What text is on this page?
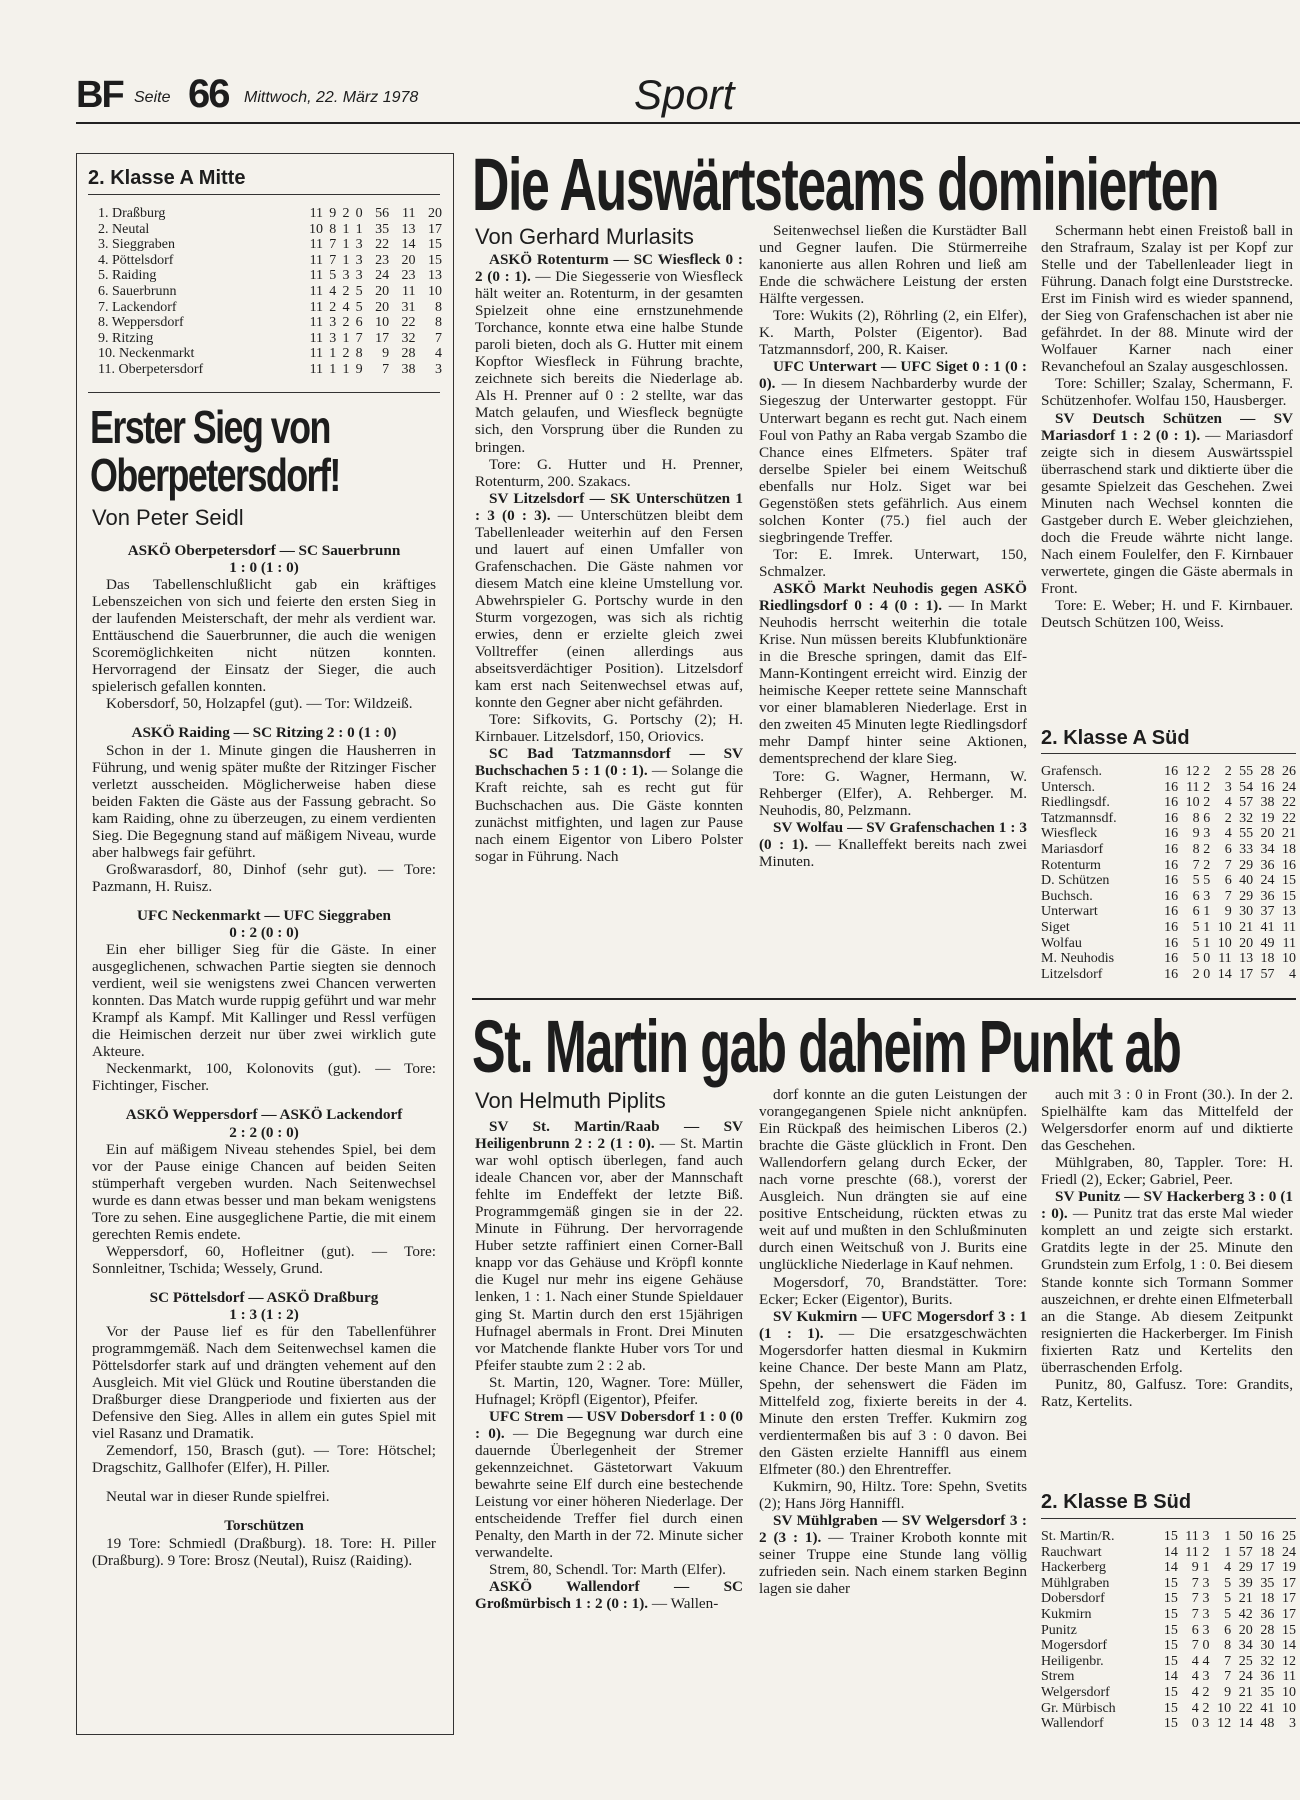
BF Seite 66 Mittwoch, 22. März 1978	Sport
2. Klasse A Mitte
1. Draßburg	11	9	2	0	56	11	20
2. Neutal	10	8	1	1	35	13	17
3. Sieggraben	11	7	1	3	22	14	15
4. Pöttelsdorf	11	7	1	3	23	20	15
5. Raiding	11	5	3	3	24	23	13
6. Sauerbrunn	11	4	2	5	20	11	10
7. Lackendorf	11	2	4	5	20	31	8
8. Weppersdorf	11	3	2	6	10	22	8
9. Ritzing	11	3	1	7	17	32	7
10. Neckenmarkt	11	1	2	8	9	28	4
11. Oberpetersdorf	11	1	1	9	7	38	3
Erster Sieg von
Oberpetersdorf!
Von Peter Seidl

ASKÖ Oberpetersdorf — SC Sauerbrunn

1 : 0 (1 : 0)

Das Tabellenschlußlicht gab ein kräftiges Lebenszeichen von sich und feierte den ersten Sieg in der laufenden Meisterschaft, der mehr als verdient war. Enttäuschend die Sauerbrunner, die auch die wenigen Scoremöglichkeiten nicht nützen konnten. Hervorragend der Einsatz der Sieger, die auch spielerisch gefallen konnten.

Kobersdorf, 50, Holzapfel (gut). — Tor: Wildzeiß.

ASKÖ Raiding — SC Ritzing 2 : 0 (1 : 0)

Schon in der 1. Minute gingen die Hausherren in Führung, und wenig später mußte der Ritzinger Fischer verletzt ausscheiden. Möglicherweise haben diese beiden Fakten die Gäste aus der Fassung gebracht. So kam Raiding, ohne zu überzeugen, zu einem verdienten Sieg. Die Begegnung stand auf mäßigem Niveau, wurde aber halbwegs fair geführt.

Großwarasdorf, 80, Dinhof (sehr gut). — Tore: Pazmann, H. Ruisz.

UFC Neckenmarkt — UFC Sieggraben

0 : 2 (0 : 0)

Ein eher billiger Sieg für die Gäste. In einer ausgeglichenen, schwachen Partie siegten sie dennoch verdient, weil sie wenigstens zwei Chancen verwerten konnten. Das Match wurde ruppig geführt und war mehr Krampf als Kampf. Mit Kallinger und Ressl verfügen die Heimischen derzeit nur über zwei wirklich gute Akteure.

Neckenmarkt, 100, Kolonovits (gut). — Tore: Fichtinger, Fischer.

ASKÖ Weppersdorf — ASKÖ Lackendorf

2 : 2 (0 : 0)

Ein auf mäßigem Niveau stehendes Spiel, bei dem vor der Pause einige Chancen auf beiden Seiten stümperhaft vergeben wurden. Nach Seitenwechsel wurde es dann etwas besser und man bekam wenigstens Tore zu sehen. Eine ausgeglichene Partie, die mit einem gerechten Remis endete.

Weppersdorf, 60, Hofleitner (gut). — Tore: Sonnleitner, Tschida; Wessely, Grund.

SC Pöttelsdorf — ASKÖ Draßburg

1 : 3 (1 : 2)

Vor der Pause lief es für den Tabellenführer programmgemäß. Nach dem Seitenwechsel kamen die Pöttelsdorfer stark auf und drängten vehement auf den Ausgleich. Mit viel Glück und Routine überstanden die Draßburger diese Drangperiode und fixierten aus der Defensive den Sieg. Alles in allem ein gutes Spiel mit viel Rasanz und Dramatik.

Zemendorf, 150, Brasch (gut). — Tore: Hötschel; Dragschitz, Gallhofer (Elfer), H. Piller.

Neutal war in dieser Runde spielfrei.

Torschützen

19 Tore: Schmiedl (Draßburg). 18. Tore: H. Piller (Draßburg). 9 Tore: Brosz (Neutal), Ruisz (Raiding).

Die Auswärtsteams dominierten
Von Gerhard Murlasits

ASKÖ Rotenturm — SC Wiesfleck 0 : 2 (0 : 1). — Die Siegesserie von Wiesfleck hält weiter an. Rotenturm, in der gesamten Spielzeit ohne eine ernstzunehmende Torchance, konnte etwa eine halbe Stunde paroli bieten, doch als G. Hutter mit einem Kopftor Wiesfleck in Führung brachte, zeichnete sich bereits die Niederlage ab. Als H. Prenner auf 0 : 2 stellte, war das Match gelaufen, und Wiesfleck begnügte sich, den Vorsprung über die Runden zu bringen.

Tore: G. Hutter und H. Prenner, Rotenturm, 200. Szakacs.

SV Litzelsdorf — SK Unterschützen 1 : 3 (0 : 3). — Unterschützen bleibt dem Tabellenleader weiterhin auf den Fersen und lauert auf einen Umfaller von Grafenschachen. Die Gäste nahmen vor diesem Match eine kleine Umstellung vor. Abwehrspieler G. Portschy wurde in den Sturm vorgezogen, was sich als richtig erwies, denn er erzielte gleich zwei Volltreffer (einen allerdings aus abseitsverdächtiger Position). Litzelsdorf kam erst nach Seitenwechsel etwas auf, konnte den Gegner aber nicht gefährden.

Tore: Sifkovits, G. Portschy (2); H. Kirnbauer. Litzelsdorf, 150, Oriovics.

SC Bad Tatzmannsdorf — SV Buchschachen 5 : 1 (0 : 1). — Solange die Kraft reichte, sah es recht gut für Buchschachen aus. Die Gäste konnten zunächst mitfighten, und lagen zur Pause nach einem Eigentor von Libero Polster sogar in Führung. Nach

Seitenwechsel ließen die Kurstädter Ball und Gegner laufen. Die Stürmerreihe kanonierte aus allen Rohren und ließ am Ende die schwächere Leistung der ersten Hälfte vergessen.

Tore: Wukits (2), Röhrling (2, ein Elfer), K. Marth, Polster (Eigentor). Bad Tatzmannsdorf, 200, R. Kaiser.

UFC Unterwart — UFC Siget 0 : 1 (0 : 0). — In diesem Nachbarderby wurde der Siegeszug der Unterwarter gestoppt. Für Unterwart begann es recht gut. Nach einem Foul von Pathy an Raba vergab Szambo die Chance eines Elfmeters. Später traf derselbe Spieler bei einem Weitschuß ebenfalls nur Holz. Siget war bei Gegenstößen stets gefährlich. Aus einem solchen Konter (75.) fiel auch der siegbringende Treffer.

Tor: E. Imrek. Unterwart, 150, Schmalzer.

ASKÖ Markt Neuhodis gegen ASKÖ Riedlingsdorf 0 : 4 (0 : 1). — In Markt Neuhodis herrscht weiterhin die totale Krise. Nun müssen bereits Klubfunktionäre in die Bresche springen, damit das Elf-Mann-Kontingent erreicht wird. Einzig der heimische Keeper rettete seine Mannschaft vor einer blamableren Niederlage. Erst in den zweiten 45 Minuten legte Riedlingsdorf mehr Dampf hinter seine Aktionen, dementsprechend der klare Sieg.

Tore: G. Wagner, Hermann, W. Rehberger (Elfer), A. Rehberger. M. Neuhodis, 80, Pelzmann.

SV Wolfau — SV Grafenschachen 1 : 3 (0 : 1). — Knalleffekt bereits nach zwei Minuten.

Schermann hebt einen Freistoß ball in den Strafraum, Szalay ist per Kopf zur Stelle und der Tabellenleader liegt in Führung. Danach folgt eine Durststrecke. Erst im Finish wird es wieder spannend, der Sieg von Grafenschachen ist aber nie gefährdet. In der 88. Minute wird der Wolfauer Karner nach einer Revanchefoul an Szalay ausgeschlossen.

Tore: Schiller; Szalay, Schermann, F. Schützenhofer. Wolfau 150, Hausberger.

SV Deutsch Schützen — SV Mariasdorf 1 : 2 (0 : 1). — Mariasdorf zeigte sich in diesem Auswärtsspiel überraschend stark und diktierte über die gesamte Spielzeit das Geschehen. Zwei Minuten nach Wechsel konnten die Gastgeber durch E. Weber gleichziehen, doch die Freude währte nicht lange. Nach einem Foulelfer, den F. Kirnbauer verwertete, gingen die Gäste abermals in Front.

Tore: E. Weber; H. und F. Kirnbauer. Deutsch Schützen 100, Weiss.

2. Klasse A Süd
Grafensch.	16	12	2	2	55	28	26
Untersch.	16	11	2	3	54	16	24
Riedlingsdf.	16	10	2	4	57	38	22
Tatzmannsdf.	16	8	6	2	32	19	22
Wiesfleck	16	9	3	4	55	20	21
Mariasdorf	16	8	2	6	33	34	18
Rotenturm	16	7	2	7	29	36	16
D. Schützen	16	5	5	6	40	24	15
Buchsch.	16	6	3	7	29	36	15
Unterwart	16	6	1	9	30	37	13
Siget	16	5	1	10	21	41	11
Wolfau	16	5	1	10	20	49	11
M. Neuhodis	16	5	0	11	13	18	10
Litzelsdorf	16	2	0	14	17	57	4
St. Martin gab daheim Punkt ab
Von Helmuth Piplits

SV St. Martin/Raab — SV Heiligenbrunn 2 : 2 (1 : 0). — St. Martin war wohl optisch überlegen, fand auch ideale Chancen vor, aber der Mannschaft fehlte im Endeffekt der letzte Biß. Programmgemäß gingen sie in der 22. Minute in Führung. Der hervorragende Huber setzte raffiniert einen Corner-Ball knapp vor das Gehäuse und Kröpfl konnte die Kugel nur mehr ins eigene Gehäuse lenken, 1 : 1. Nach einer Stunde Spieldauer ging St. Martin durch den erst 15jährigen Hufnagel abermals in Front. Drei Minuten vor Matchende flankte Huber vors Tor und Pfeifer staubte zum 2 : 2 ab.

St. Martin, 120, Wagner. Tore: Müller, Hufnagel; Kröpfl (Eigentor), Pfeifer.

UFC Strem — USV Dobersdorf 1 : 0 (0 : 0). — Die Begegnung war durch eine dauernde Überlegenheit der Stremer gekennzeichnet. Gästetorwart Vakuum bewahrte seine Elf durch eine bestechende Leistung vor einer höheren Niederlage. Der entscheidende Treffer fiel durch einen Penalty, den Marth in der 72. Minute sicher verwandelte.

Strem, 80, Schendl. Tor: Marth (Elfer).

ASKÖ Wallendorf — SC Großmürbisch 1 : 2 (0 : 1). — Wallen-

dorf konnte an die guten Leistungen der vorangegangenen Spiele nicht anknüpfen. Ein Rückpaß des heimischen Liberos (2.) brachte die Gäste glücklich in Front. Den Wallendorfern gelang durch Ecker, der nach vorne preschte (68.), vorerst der Ausgleich. Nun drängten sie auf eine positive Entscheidung, rückten etwas zu weit auf und mußten in den Schlußminuten durch einen Weitschuß von J. Burits eine unglückliche Niederlage in Kauf nehmen.

Mogersdorf, 70, Brandstätter. Tore: Ecker; Ecker (Eigentor), Burits.

SV Kukmirn — UFC Mogersdorf 3 : 1 (1 : 1). — Die ersatzgeschwächten Mogersdorfer hatten diesmal in Kukmirn keine Chance. Der beste Mann am Platz, Spehn, der sehenswert die Fäden im Mittelfeld zog, fixierte bereits in der 4. Minute den ersten Treffer. Kukmirn zog verdientermaßen bis auf 3 : 0 davon. Bei den Gästen erzielte Hanniffl aus einem Elfmeter (80.) den Ehrentreffer.

Kukmirn, 90, Hiltz. Tore: Spehn, Svetits (2); Hans Jörg Hanniffl.

SV Mühlgraben — SV Welgersdorf 3 : 2 (3 : 1). — Trainer Kroboth konnte mit seiner Truppe eine Stunde lang völlig zufrieden sein. Nach einem starken Beginn lagen sie daher

auch mit 3 : 0 in Front (30.). In der 2. Spielhälfte kam das Mittelfeld der Welgersdorfer enorm auf und diktierte das Geschehen.

Mühlgraben, 80, Tappler. Tore: H. Friedl (2), Ecker; Gabriel, Peer.

SV Punitz — SV Hackerberg 3 : 0 (1 : 0). — Punitz trat das erste Mal wieder komplett an und zeigte sich erstarkt. Gratdits legte in der 25. Minute den Grundstein zum Erfolg, 1 : 0. Bei diesem Stande konnte sich Tormann Sommer auszeichnen, er drehte einen Elfmeterball an die Stange. Ab diesem Zeitpunkt resignierten die Hackerberger. Im Finish fixierten Ratz und Kertelits den überraschenden Erfolg.

Punitz, 80, Galfusz. Tore: Grandits, Ratz, Kertelits.

2. Klasse B Süd
St. Martin/R.	15	11	3	1	50	16	25
Rauchwart	14	11	2	1	57	18	24
Hackerberg	14	9	1	4	29	17	19
Mühlgraben	15	7	3	5	39	35	17
Dobersdorf	15	7	3	5	21	18	17
Kukmirn	15	7	3	5	42	36	17
Punitz	15	6	3	6	20	28	15
Mogersdorf	15	7	0	8	34	30	14
Heiligenbr.	15	4	4	7	25	32	12
Strem	14	4	3	7	24	36	11
Welgersdorf	15	4	2	9	21	35	10
Gr. Mürbisch	15	4	2	10	22	41	10
Wallendorf	15	0	3	12	14	48	3
